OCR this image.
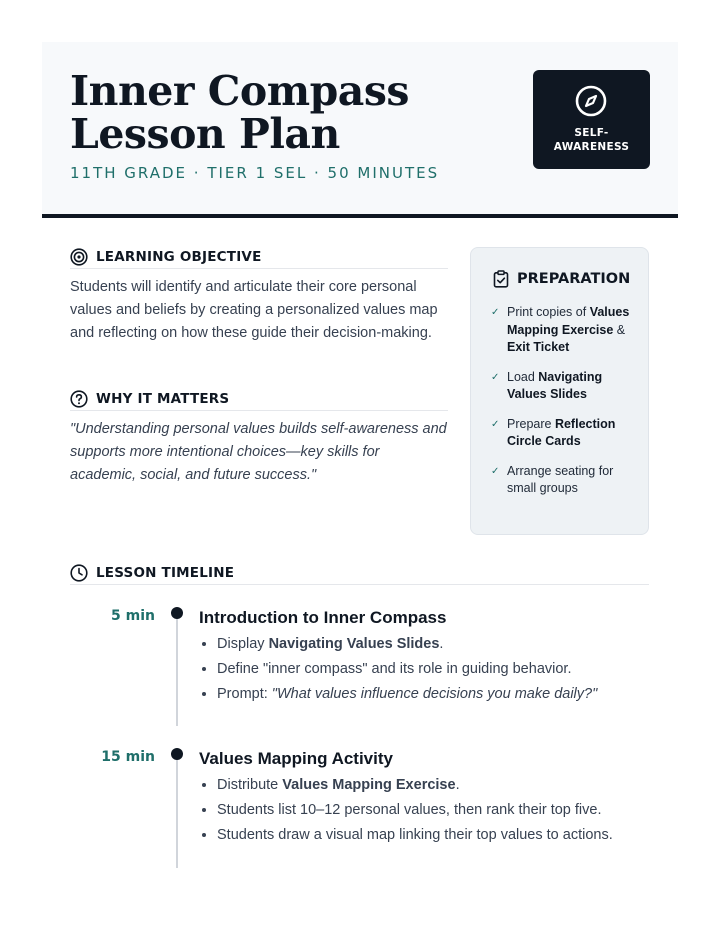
Inner Compass Lesson Plan
11TH GRADE · TIER 1 SEL · 50 MINUTES
SELF-AWARENESS
LEARNING OBJECTIVE
Students will identify and articulate their core personal values and beliefs by creating a personalized values map and reflecting on how these guide their decision-making.
WHY IT MATTERS
"Understanding personal values builds self-awareness and supports more intentional choices—key skills for academic, social, and future success."
PREPARATION
✓ Print copies of Values Mapping Exercise & Exit Ticket
✓ Load Navigating Values Slides
✓ Prepare Reflection Circle Cards
✓ Arrange seating for small groups
LESSON TIMELINE
5 min	Introduction to Inner Compass
• Display Navigating Values Slides.
• Define "inner compass" and its role in guiding behavior.
• Prompt: "What values influence decisions you make daily?"
15 min	Values Mapping Activity
• Distribute Values Mapping Exercise.
• Students list 10–12 personal values, then rank their top five.
• Students draw a visual map linking their top values to actions.
